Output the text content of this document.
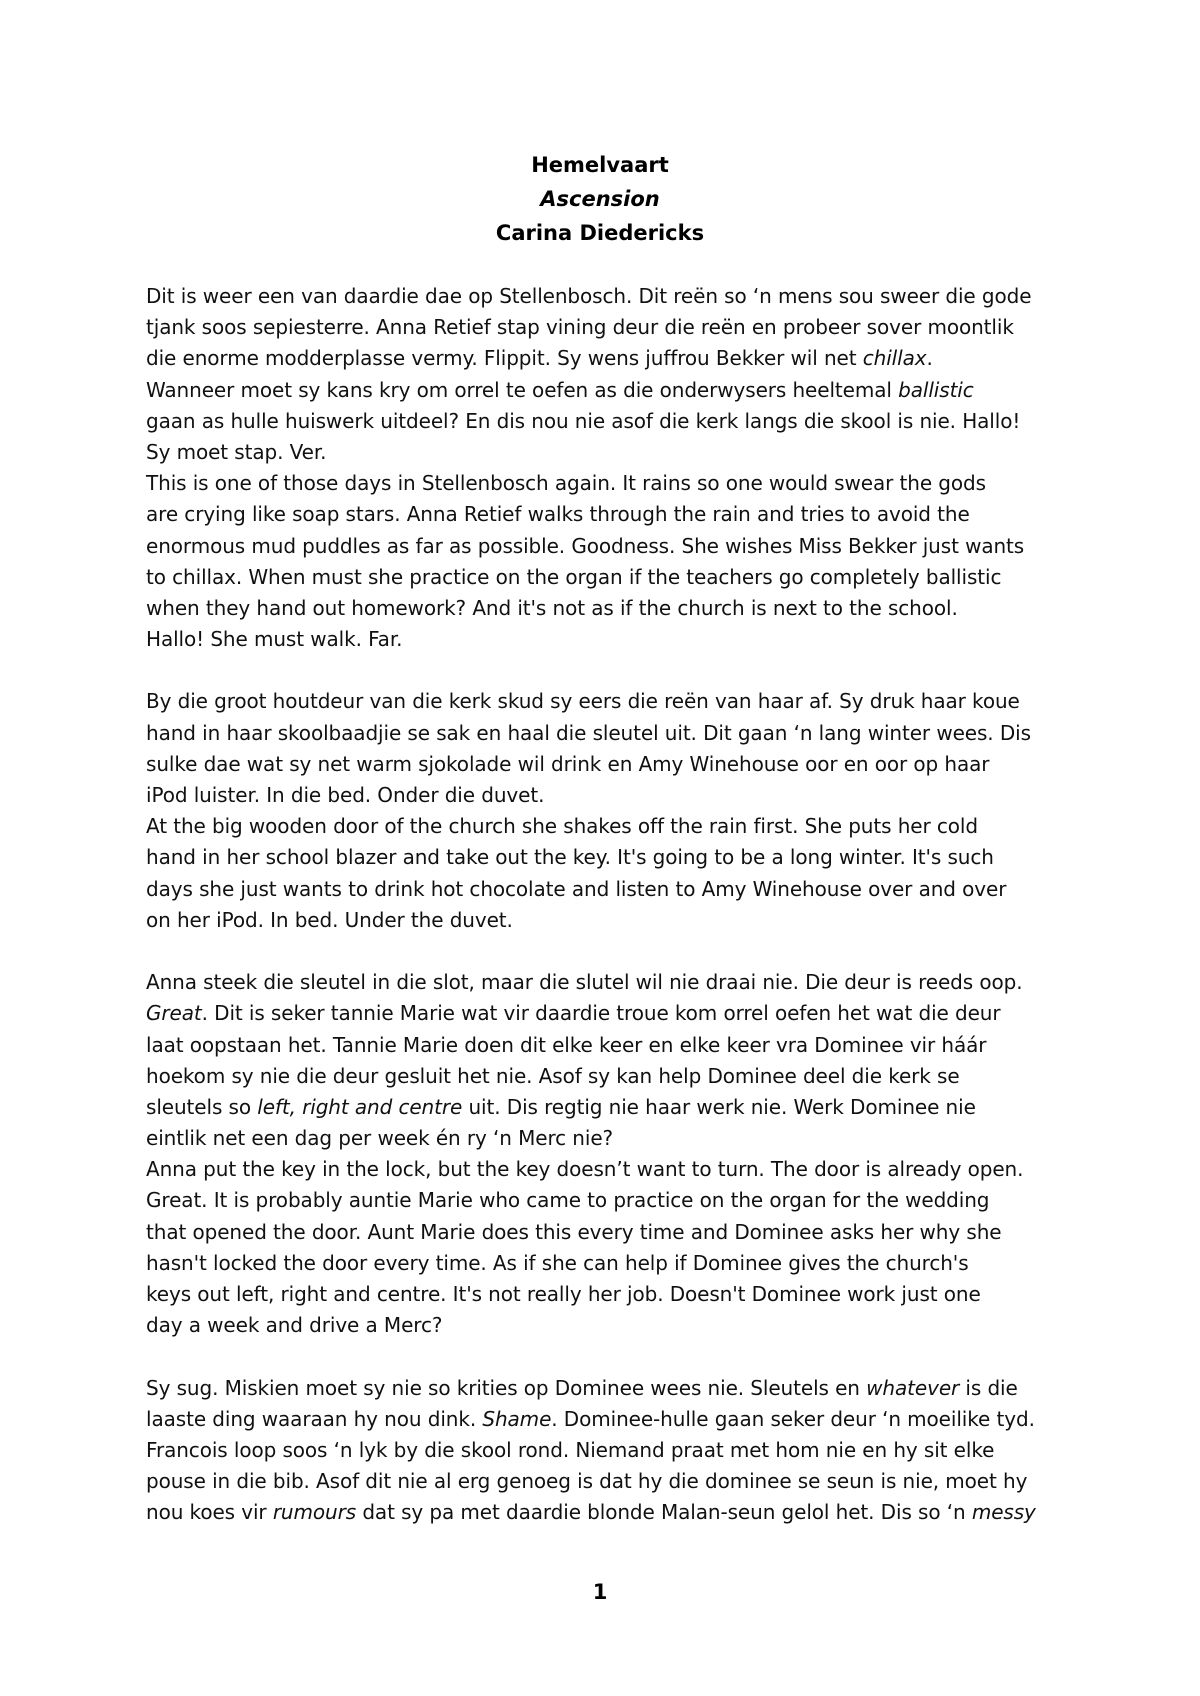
Hemelvaart
Ascension
Carina Diedericks
Dit is weer een van daardie dae op Stellenbosch. Dit reën so ‘n mens sou sweer die gode
tjank soos sepiesterre. Anna Retief stap vining deur die reën en probeer sover moontlik
die enorme modderplasse vermy. Flippit. Sy wens juffrou Bekker wil net chillax.
Wanneer moet sy kans kry om orrel te oefen as die onderwysers heeltemal ballistic
gaan as hulle huiswerk uitdeel? En dis nou nie asof die kerk langs die skool is nie. Hallo!
Sy moet stap. Ver.
This is one of those days in Stellenbosch again. It rains so one would swear the gods
are crying like soap stars. Anna Retief walks through the rain and tries to avoid the
enormous mud puddles as far as possible. Goodness. She wishes Miss Bekker just wants
to chillax. When must she practice on the organ if the teachers go completely ballistic
when they hand out homework? And it's not as if the church is next to the school.
Hallo! She must walk. Far.
By die groot houtdeur van die kerk skud sy eers die reën van haar af. Sy druk haar koue
hand in haar skoolbaadjie se sak en haal die sleutel uit. Dit gaan ‘n lang winter wees. Dis
sulke dae wat sy net warm sjokolade wil drink en Amy Winehouse oor en oor op haar
iPod luister. In die bed. Onder die duvet.
At the big wooden door of the church she shakes off the rain first. She puts her cold
hand in her school blazer and take out the key. It's going to be a long winter. It's such
days she just wants to drink hot chocolate and listen to Amy Winehouse over and over
on her iPod. In bed. Under the duvet.
Anna steek die sleutel in die slot, maar die slutel wil nie draai nie. Die deur is reeds oop.
Great. Dit is seker tannie Marie wat vir daardie troue kom orrel oefen het wat die deur
laat oopstaan het. Tannie Marie doen dit elke keer en elke keer vra Dominee vir háár
hoekom sy nie die deur gesluit het nie. Asof sy kan help Dominee deel die kerk se
sleutels so left, right and centre uit. Dis regtig nie haar werk nie. Werk Dominee nie
eintlik net een dag per week én ry ‘n Merc nie?
Anna put the key in the lock, but the key doesn’t want to turn. The door is already open.
Great. It is probably auntie Marie who came to practice on the organ for the wedding
that opened the door. Aunt Marie does this every time and Dominee asks her why she
hasn't locked the door every time. As if she can help if Dominee gives the church's
keys out left, right and centre. It's not really her job. Doesn't Dominee work just one
day a week and drive a Merc?
Sy sug. Miskien moet sy nie so krities op Dominee wees nie. Sleutels en whatever is die
laaste ding waaraan hy nou dink. Shame. Dominee-hulle gaan seker deur ‘n moeilike tyd.
Francois loop soos ‘n lyk by die skool rond. Niemand praat met hom nie en hy sit elke
pouse in die bib. Asof dit nie al erg genoeg is dat hy die dominee se seun is nie, moet hy
nou koes vir rumours dat sy pa met daardie blonde Malan-seun gelol het. Dis so ‘n messy
1
